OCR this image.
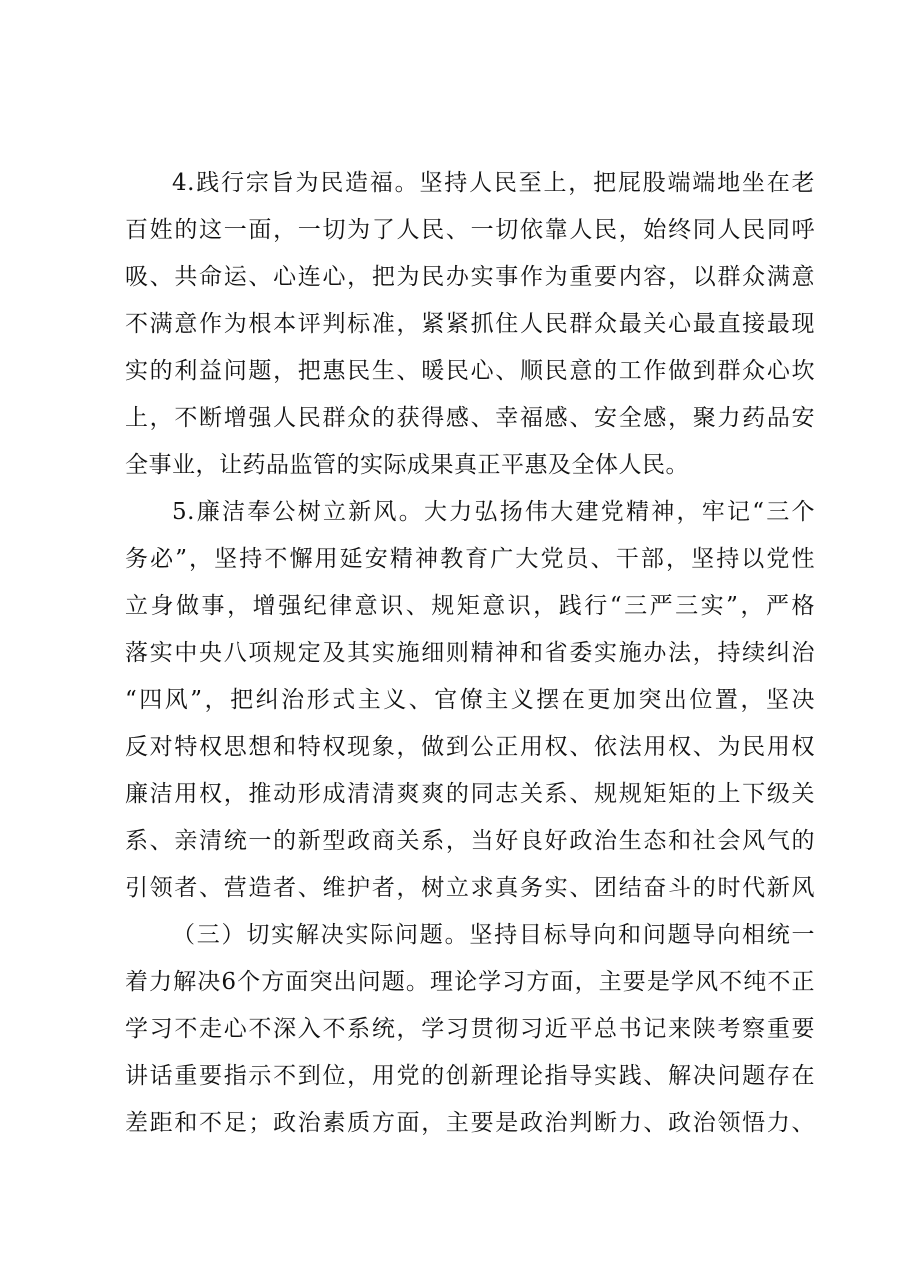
4.践行宗旨为民造福。坚持人民至上，把屁股端端地坐在老
百姓的这一面，一切为了人民、一切依靠人民，始终同人民同呼
吸、共命运、心连心，把为民办实事作为重要内容，以群众满意
不满意作为根本评判标准，紧紧抓住人民群众最关心最直接最现
实的利益问题，把惠民生、暖民心、顺民意的工作做到群众心坎
上，不断增强人民群众的获得感、幸福感、安全感，聚力药品安
全事业，让药品监管的实际成果真正平惠及全体人民。
5.廉洁奉公树立新风。大力弘扬伟大建党精神，牢记“三个
务必”，坚持不懈用延安精神教育广大党员、干部，坚持以党性
立身做事，增强纪律意识、规矩意识，践行“三严三实”，严格
落实中央八项规定及其实施细则精神和省委实施办法，持续纠治
“四风”，把纠治形式主义、官僚主义摆在更加突出位置，坚决
反对特权思想和特权现象，做到公正用权、依法用权、为民用权
廉洁用权，推动形成清清爽爽的同志关系、规规矩矩的上下级关
系、亲清统一的新型政商关系，当好良好政治生态和社会风气的
引领者、营造者、维护者，树立求真务实、团结奋斗的时代新风
（三）切实解决实际问题。坚持目标导向和问题导向相统一
着力解决6个方面突出问题。理论学习方面，主要是学风不纯不正
学习不走心不深入不系统，学习贯彻习近平总书记来陕考察重要
讲话重要指示不到位，用党的创新理论指导实践、解决问题存在
差距和不足；政治素质方面，主要是政治判断力、政治领悟力、
